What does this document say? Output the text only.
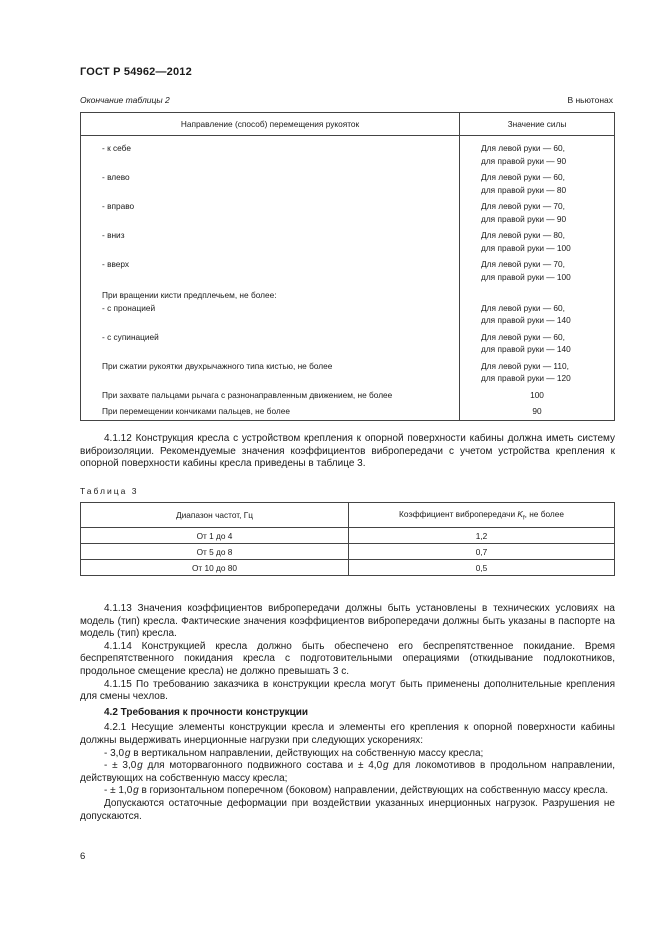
ГОСТ Р 54962—2012
Окончание таблицы 2	В ньютонах
Направление (способ) перемещения рукояток	Значение силы
- к себе	Для левой руки — 60,
для правой руки — 90
- влево	Для левой руки — 60,
для правой руки — 80
- вправо	Для левой руки — 70,
для правой руки — 90
- вниз	Для левой руки — 80,
для правой руки — 100
- вверх	Для левой руки — 70,
для правой руки — 100
При вращении кисти предплечьем, не более:
- с пронацией	Для левой руки — 60,
для правой руки — 140
- с супинацией	Для левой руки — 60,
для правой руки — 140
При сжатии рукоятки двухрычажного типа кистью, не более	Для левой руки — 110,
для правой руки — 120
При захвате пальцами рычага с разнонаправленным движением, не более	100
При перемещении кончиками пальцев, не более	90

4.1.12 Конструкция кресла с устройством крепления к опорной поверхности кабины должна иметь систему виброизоляции. Рекомендуемые значения коэффициентов вибропередачи с учетом устройства крепления к опорной поверхности кабины кресла приведены в таблице 3.

Таблица 3
Диапазон частот, Гц	Коэффициент вибропередачи $K_f$, не более
От 1 до 4	1,2
От 5 до 8	0,7
От 10 до 80	0,5

4.1.13 Значения коэффициентов вибропередачи должны быть установлены в технических условиях на модель (тип) кресла. Фактические значения коэффициентов вибропередачи должны быть указаны в паспорте на модель (тип) кресла.

4.1.14 Конструкцией кресла должно быть обеспечено его беспрепятственное покидание. Время беспрепятственного покидания кресла с подготовительными операциями (откидывание подлокотников, продольное смещение кресла) не должно превышать 3 с.

4.1.15 По требованию заказчика в конструкции кресла могут быть применены дополнительные крепления для смены чехлов.

4.2 Требования к прочности конструкции

4.2.1 Несущие элементы конструкции кресла и элементы его крепления к опорной поверхности кабины должны выдерживать инерционные нагрузки при следующих ускорениях:

- 3,0 g в вертикальном направлении, действующих на собственную массу кресла;

- ± 3,0 g для моторвагонного подвижного состава и ± 4,0 g для локомотивов в продольном направлении, действующих на собственную массу кресла;

- ± 1,0 g в горизонтальном поперечном (боковом) направлении, действующих на собственную массу кресла.

Допускаются остаточные деформации при воздействии указанных инерционных нагрузок. Разрушения не допускаются.

6
